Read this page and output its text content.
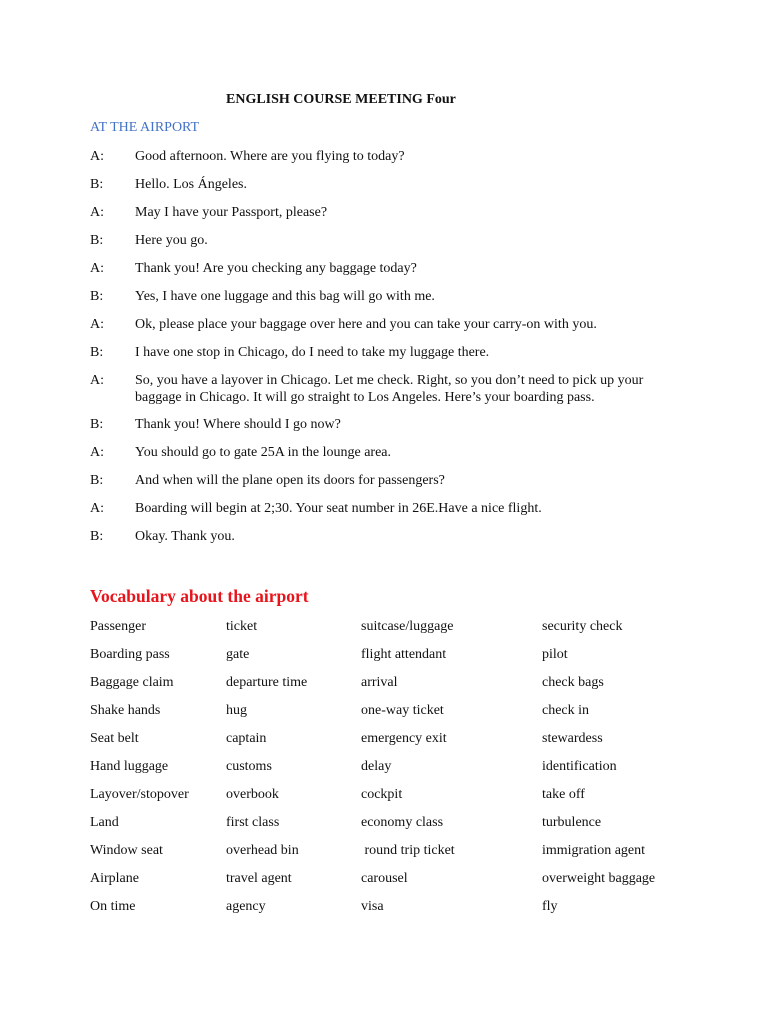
ENGLISH COURSE MEETING Four
AT THE AIRPORT
A:	Good afternoon. Where are you flying to today?
B:	Hello. Los Ángeles.
A:	May I have your Passport, please?
B:	Here you go.
A:	Thank you! Are you checking any baggage today?
B:	Yes, I have one luggage and this bag will go with me.
A:	Ok, please place your baggage over here and you can take your carry-on with you.
B:	I have one stop in Chicago, do I need to take my luggage there.
A:	So, you have a layover in Chicago. Let me check. Right, so you don’t need to pick up your baggage in Chicago. It will go straight to Los Angeles. Here’s your boarding pass.
B:	Thank you! Where should I go now?
A:	You should go to gate 25A in the lounge area.
B:	And when will the plane open its doors for passengers?
A:	Boarding will begin at 2;30. Your seat number in 26E.Have a nice flight.
B:	Okay. Thank you.
Vocabulary about the airport
Passenger	ticket	suitcase/luggage	security check
Boarding pass	gate	flight attendant	pilot
Baggage claim	departure time	arrival	check bags
Shake hands	hug	one-way ticket	check in
Seat belt	captain	emergency exit	stewardess
Hand luggage	customs	delay	identification
Layover/stopover	overbook	cockpit	take off
Land	first class	economy class	turbulence
Window seat	overhead bin	round trip ticket	immigration agent
Airplane	travel agent	carousel	overweight baggage
On time	agency	visa	fly
